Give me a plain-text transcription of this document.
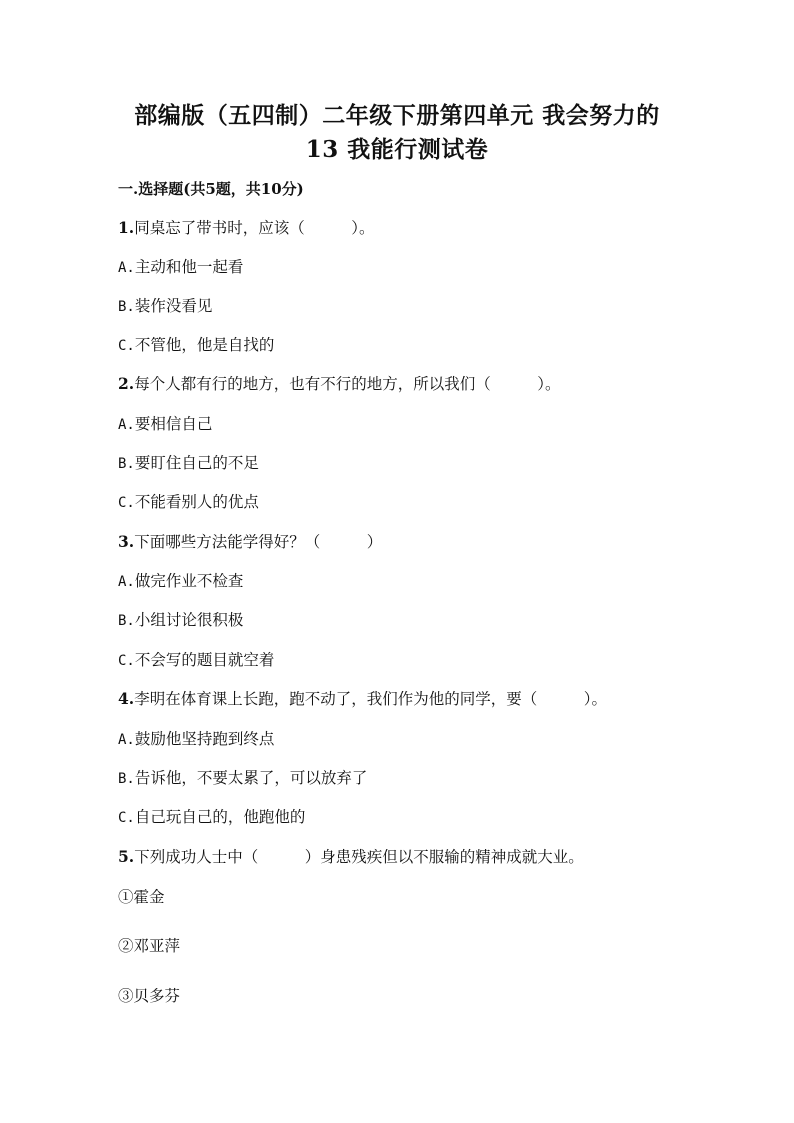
部编版（五四制）二年级下册第四单元 我会努力的
13 我能行测试卷
一.选择题(共5题，共10分)
1.同桌忘了带书时，应该（　　　）。
A.主动和他一起看
B.装作没看见
C.不管他，他是自找的
2.每个人都有行的地方，也有不行的地方，所以我们（　　　）。
A.要相信自己
B.要盯住自己的不足
C.不能看别人的优点
3.下面哪些方法能学得好？（　　　）
A.做完作业不检查
B.小组讨论很积极
C.不会写的题目就空着
4.李明在体育课上长跑，跑不动了，我们作为他的同学，要（　　　）。
A.鼓励他坚持跑到终点
B.告诉他，不要太累了，可以放弃了
C.自己玩自己的，他跑他的
5.下列成功人士中（　　　）身患残疾但以不服输的精神成就大业。
①霍金
②邓亚萍
③贝多芬
